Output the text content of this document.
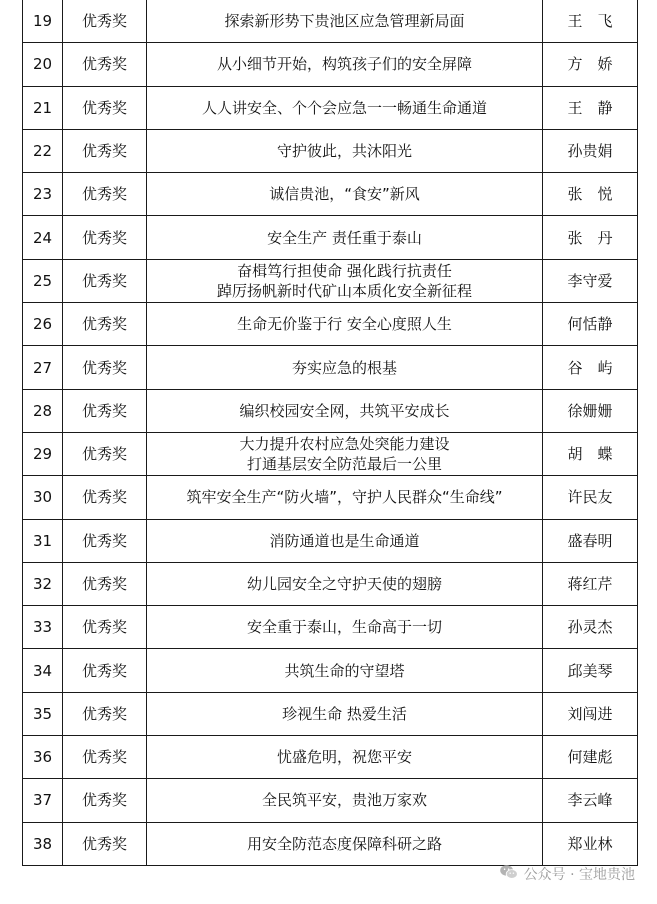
19	优秀奖	探索新形势下贵池区应急管理新局面	王　飞
20	优秀奖	从小细节开始，构筑孩子们的安全屏障	方　娇
21	优秀奖	人人讲安全、个个会应急一一畅通生命通道	王　静
22	优秀奖	守护彼此，共沐阳光	孙贵娟
23	优秀奖	诚信贵池，“食安”新风	张　悦
24	优秀奖	安全生产 责任重于泰山	张　丹
25	优秀奖	奋楫笃行担使命 强化践行抗责任
踔厉扬帆新时代矿山本质化安全新征程	李守爱
26	优秀奖	生命无价鉴于行 安全心度照人生	何恬静
27	优秀奖	夯实应急的根基	谷　屿
28	优秀奖	编织校园安全网，共筑平安成长	徐姗姗
29	优秀奖	大力提升农村应急处突能力建设
打通基层安全防范最后一公里	胡　蝶
30	优秀奖	筑牢安全生产“防火墙”，守护人民群众“生命线”	许民友
31	优秀奖	消防通道也是生命通道	盛春明
32	优秀奖	幼儿园安全之守护天使的翅膀	蒋红芹
33	优秀奖	安全重于泰山，生命高于一切	孙灵杰
34	优秀奖	共筑生命的守望塔	邱美琴
35	优秀奖	珍视生命 热爱生活	刘闯进
36	优秀奖	忧盛危明，祝您平安	何建彪
37	优秀奖	全民筑平安，贵池万家欢	李云峰
38	优秀奖	用安全防范态度保障科研之路	郑业林
公众号 · 宝地贵池
